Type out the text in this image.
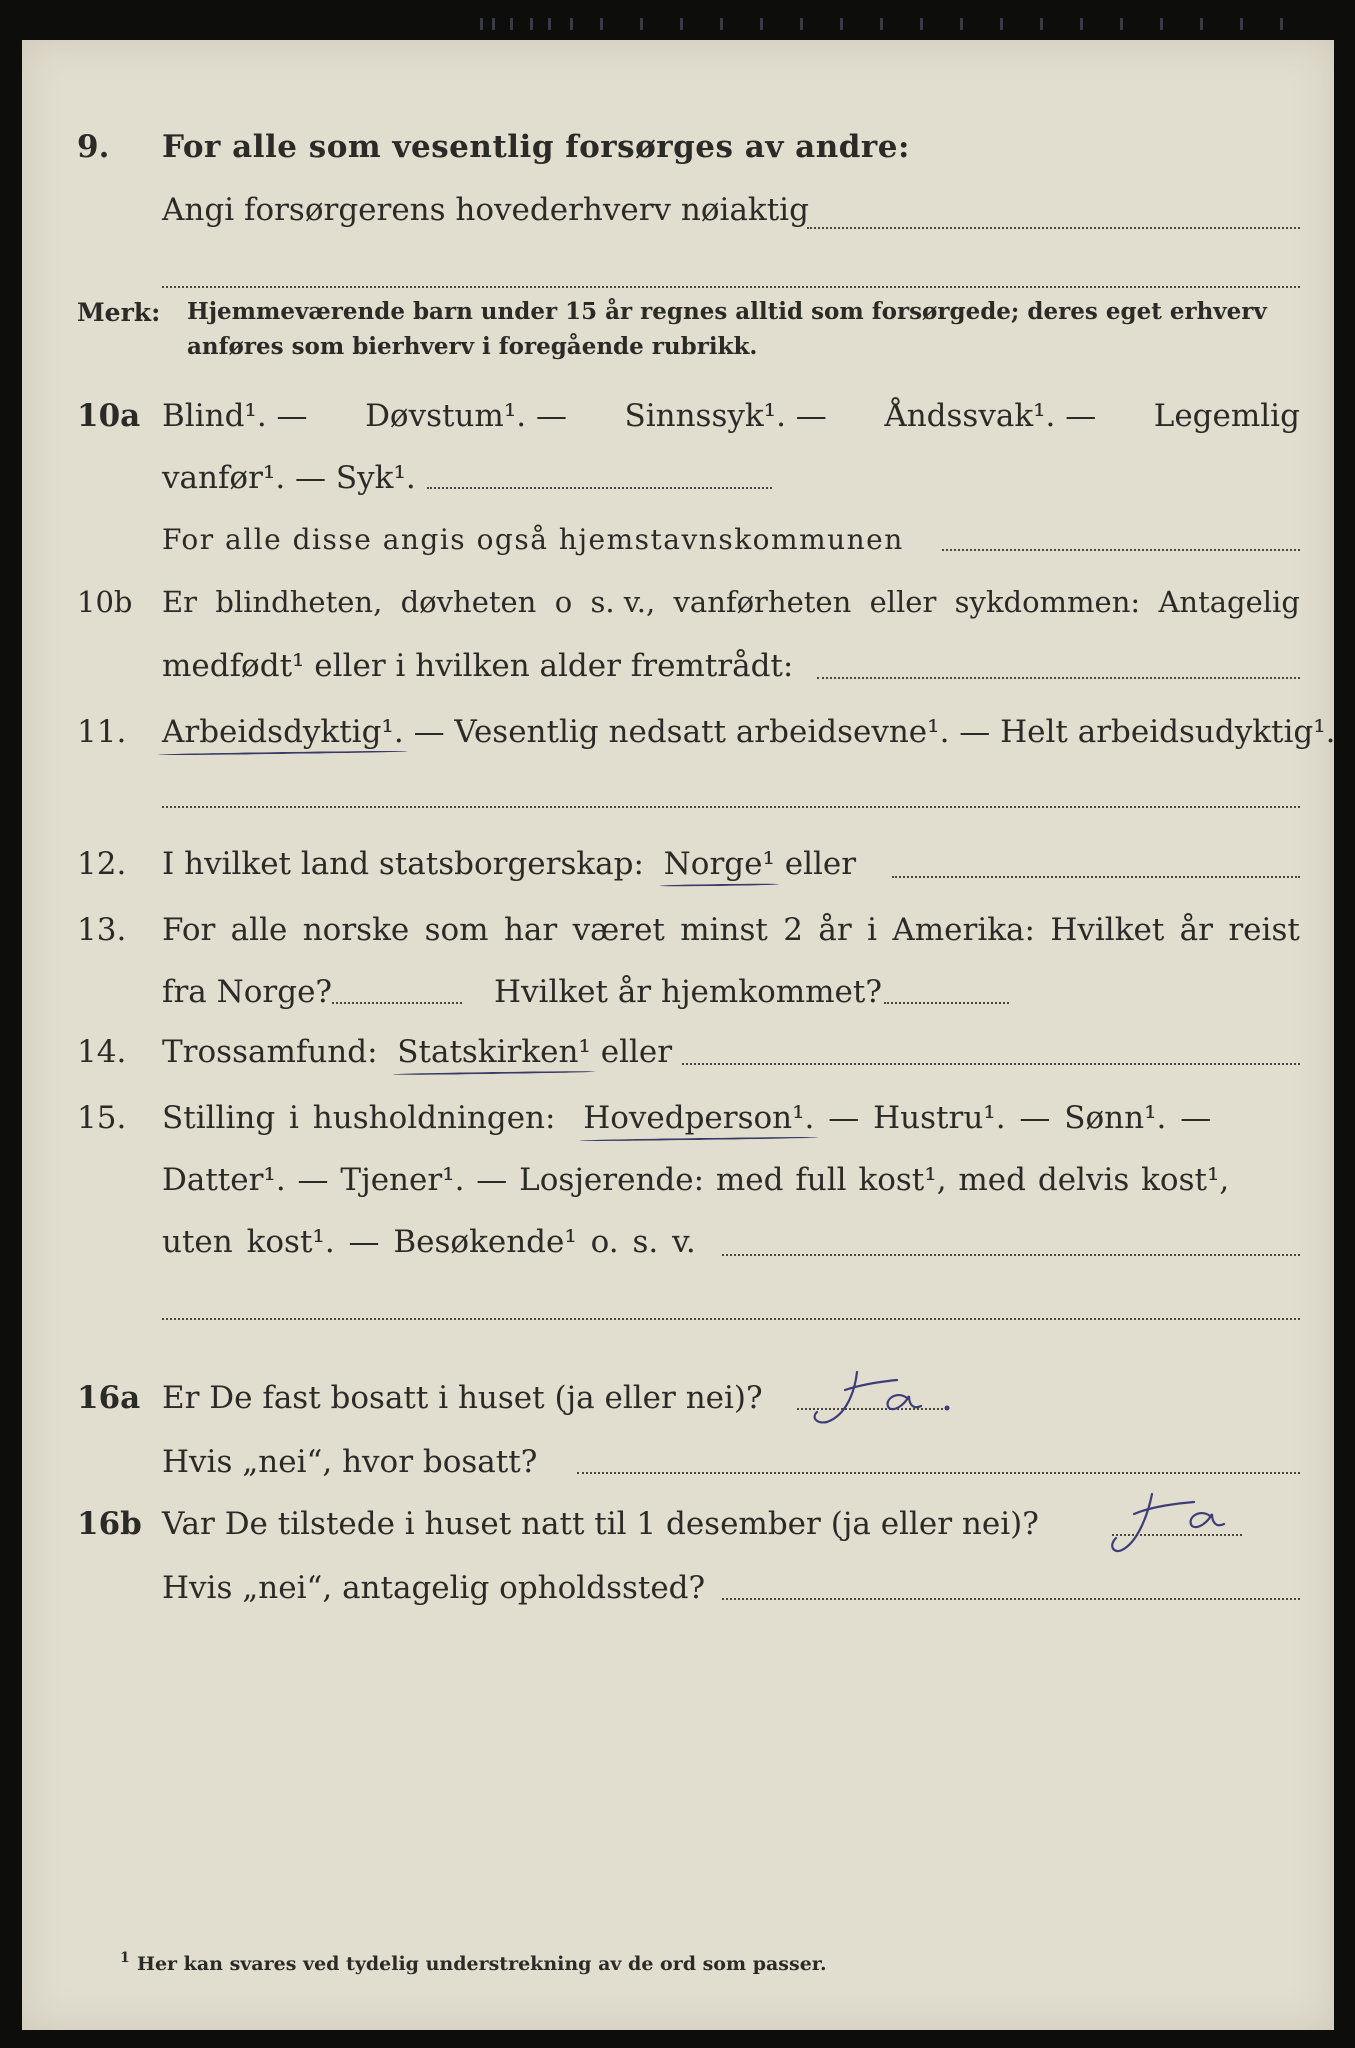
9. For alle som vesentlig forsørges av andre:
Angi forsørgerens hovederhverv nøiaktig
Merk: Hjemmeværende barn under 15 år regnes alltid som forsørgede; deres eget erhverv
anføres som bierhverv i foregående rubrikk.
10a Blind¹. — Døvstum¹. — Sinnssyk¹. — Åndssvak¹. — Legemlig
vanfør¹. — Syk¹.
For alle disse angis også hjemstavnskommunen
10b Er blindheten, døvheten o s. v., vanførheten eller sykdommen: Antagelig
medfødt¹ eller i hvilken alder fremtrådt:
11. Arbeidsdyktig¹. — Vesentlig nedsatt arbeidsevne¹. — Helt arbeidsudyktig¹.
12. I hvilket land statsborgerskap: Norge¹ eller
13. For alle norske som har været minst 2 år i Amerika: Hvilket år reist
fra Norge?	Hvilket år hjemkommet?
14. Trossamfund: Statskirken¹ eller
15. Stilling i husholdningen: Hovedperson¹. — Hustru¹. — Sønn¹. —
Datter¹. — Tjener¹. — Losjerende: med full kost¹, med delvis kost¹,
uten kost¹. — Besøkende¹ o. s. v.
16a Er De fast bosatt i huset (ja eller nei)?
Hvis „nei“, hvor bosatt?
16b Var De tilstede i huset natt til 1 desember (ja eller nei)?
Hvis „nei“, antagelig opholdssted?
1 Her kan svares ved tydelig understrekning av de ord som passer.
